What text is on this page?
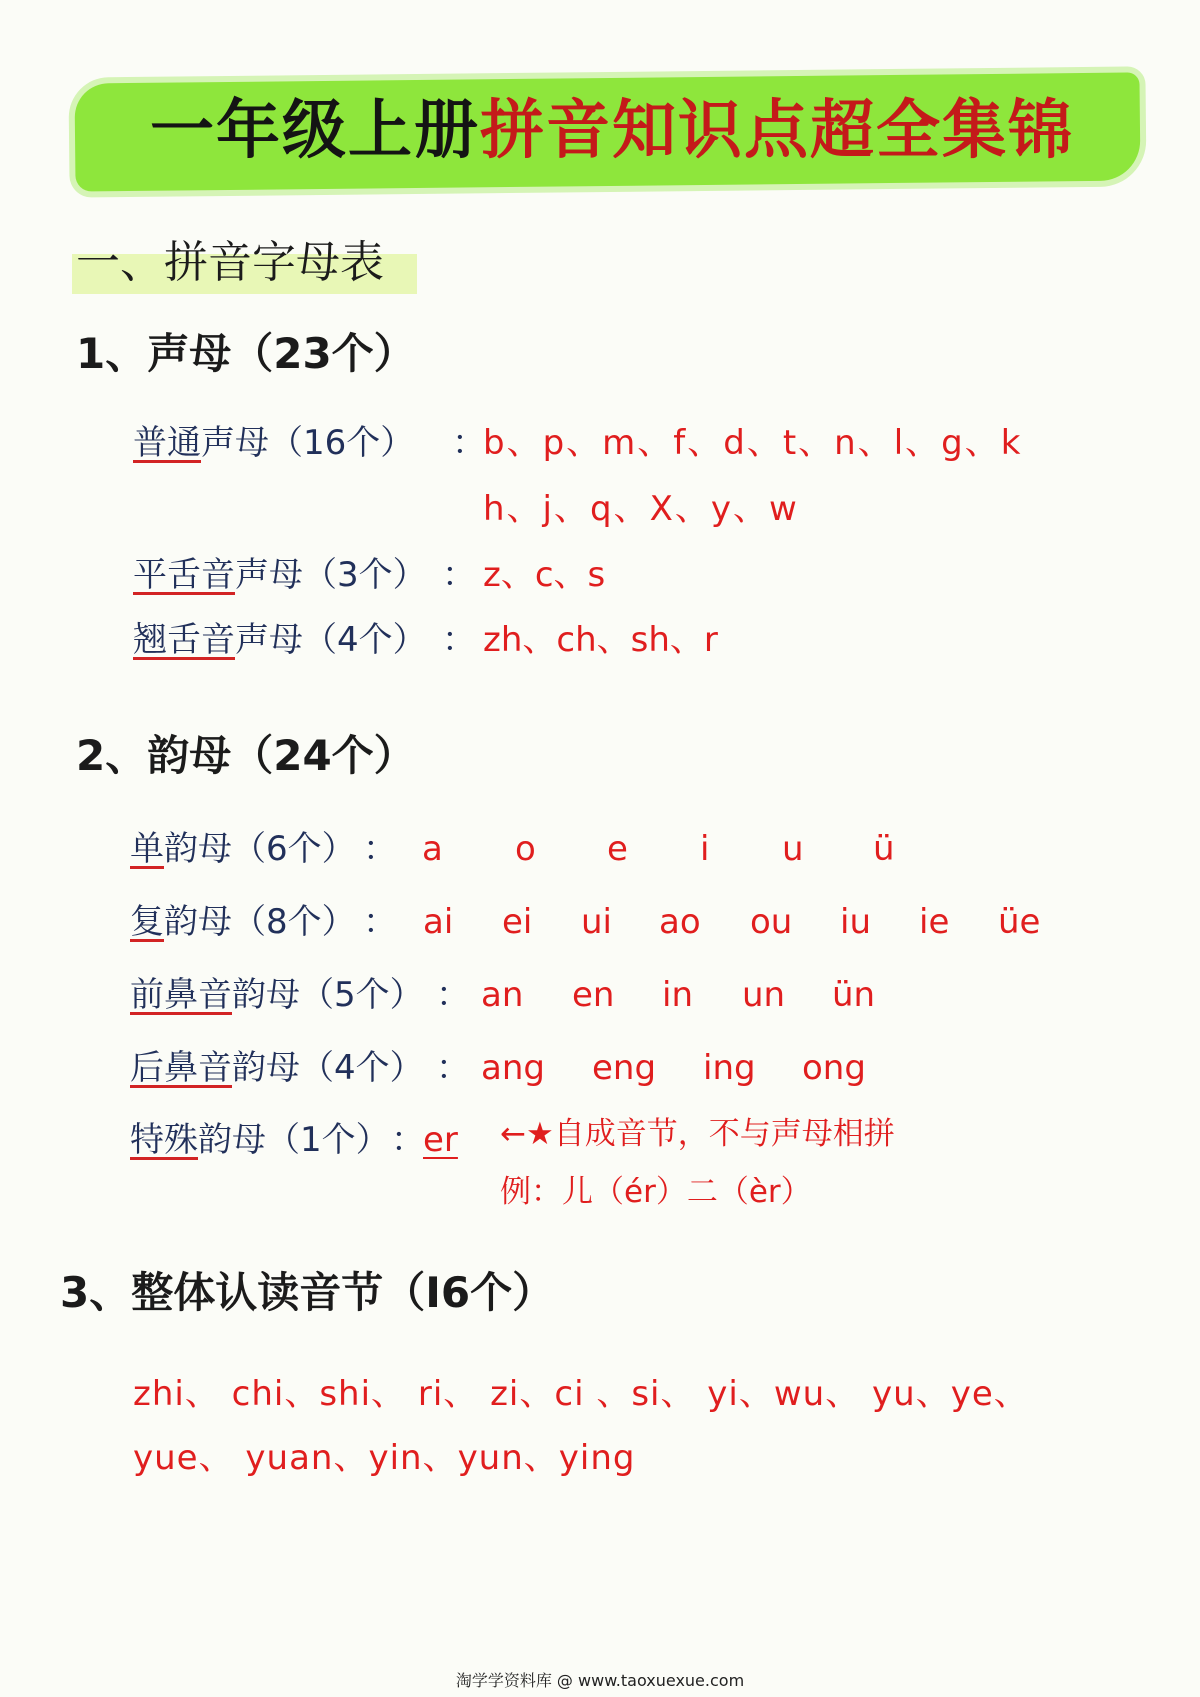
一年级上册拼音知识点超全集锦
一、拼音字母表
1、声母（23个）
普通声母（16个） ：
b、p、m、f、d、t、n、l、g、k
h、j、q、X、y、w
平舌音声母（3个） ： z、c、s
翘舌音声母（4个） ： zh、ch、sh、r
2、韵母（24个）
单韵母（6个） ： a o e i u ü
复韵母（8个） ： ai ei ui ao ou iu ie üe
前鼻音韵母（5个） ： an en in un ün
后鼻音韵母（4个） ： ang eng ing ong
特殊韵母（1个） ：
er ←★自成音节，不与声母相拼
例：儿（ér）二（èr）
3、整体认读音节（I6个）
zhi、 chi、shi、 ri、 zi、ci 、si、 yi、wu、 yu、ye、
yue、 yuan、yin、yun、ying
淘学学资料库 @ www.taoxuexue.com
